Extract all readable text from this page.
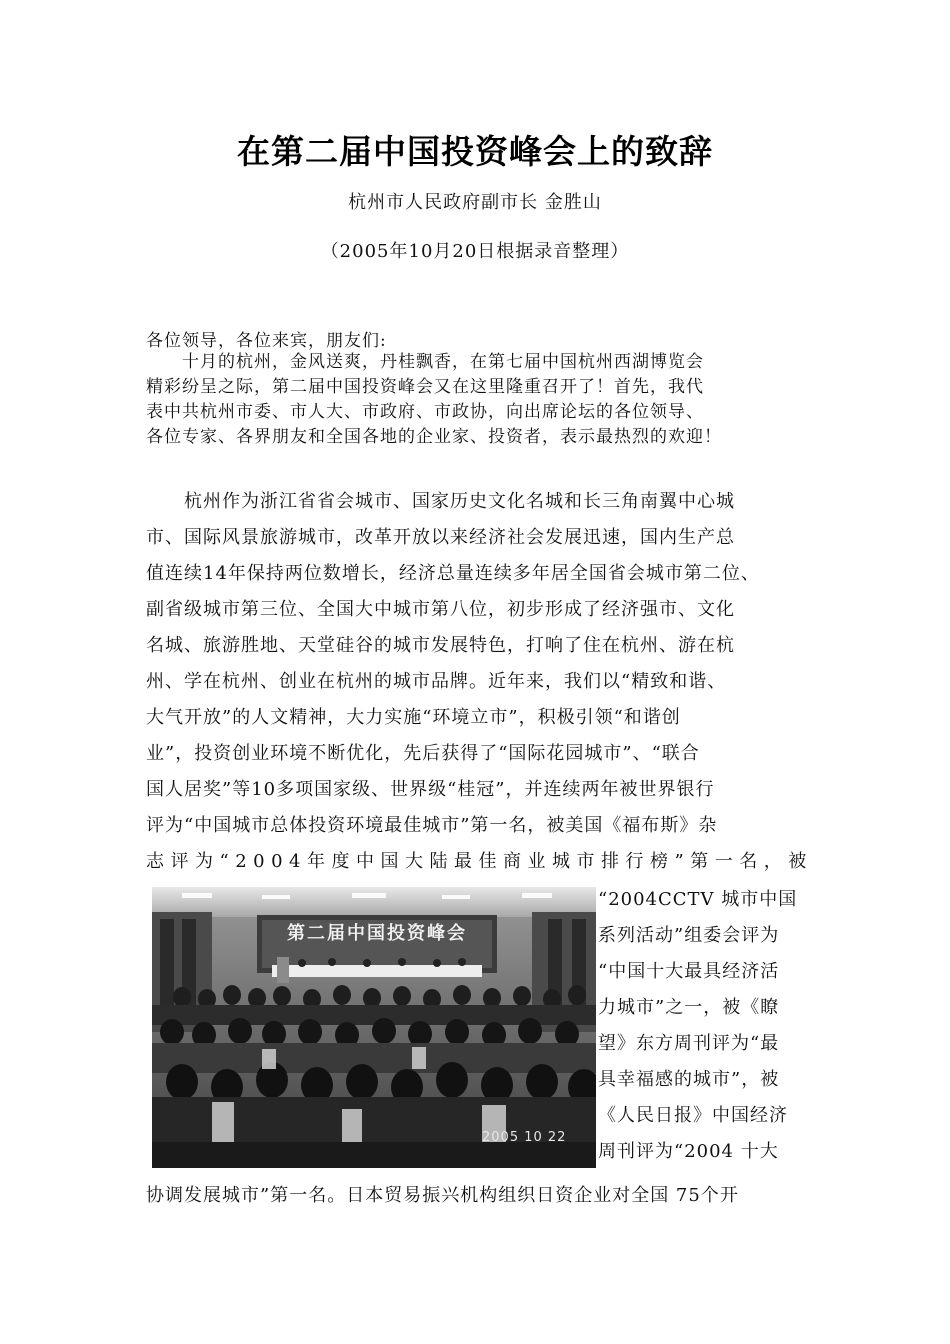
在第二届中国投资峰会上的致辞
杭州市人民政府副市长 金胜山
（2005年10月20日根据录音整理）
各位领导，各位来宾，朋友们:
　　十月的杭州，金风送爽，丹桂飘香，在第七届中国杭州西湖博览会
精彩纷呈之际，第二届中国投资峰会又在这里隆重召开了！首先，我代
表中共杭州市委、市人大、市政府、市政协，向出席论坛的各位领导、
各位专家、各界朋友和全国各地的企业家、投资者，表示最热烈的欢迎！
　　杭州作为浙江省省会城市、国家历史文化名城和长三角南翼中心城
市、国际风景旅游城市，改革开放以来经济社会发展迅速，国内生产总
值连续14年保持两位数增长，经济总量连续多年居全国省会城市第二位、
副省级城市第三位、全国大中城市第八位，初步形成了经济强市、文化
名城、旅游胜地、天堂硅谷的城市发展特色，打响了住在杭州、游在杭
州、学在杭州、创业在杭州的城市品牌。近年来，我们以“精致和谐、
大气开放”的人文精神，大力实施“环境立市”，积极引领“和谐创
业”，投资创业环境不断优化，先后获得了“国际花园城市”、“联合
国人居奖”等10多项国家级、世界级“桂冠”，并连续两年被世界银行
评为“中国城市总体投资环境最佳城市”第一名，被美国《福布斯》杂
志评为“2004年度中国大陆最佳商业城市排行榜”第一名，被
第二届中国投资峰会
2005 10 22
“2004CCTV 城市中国
系列活动”组委会评为
“中国十大最具经济活
力城市”之一，被《瞭
望》东方周刊评为“最
具幸福感的城市”，被
《人民日报》中国经济
周刊评为“2004 十大
协调发展城市”第一名。日本贸易振兴机构组织日资企业对全国 75个开
